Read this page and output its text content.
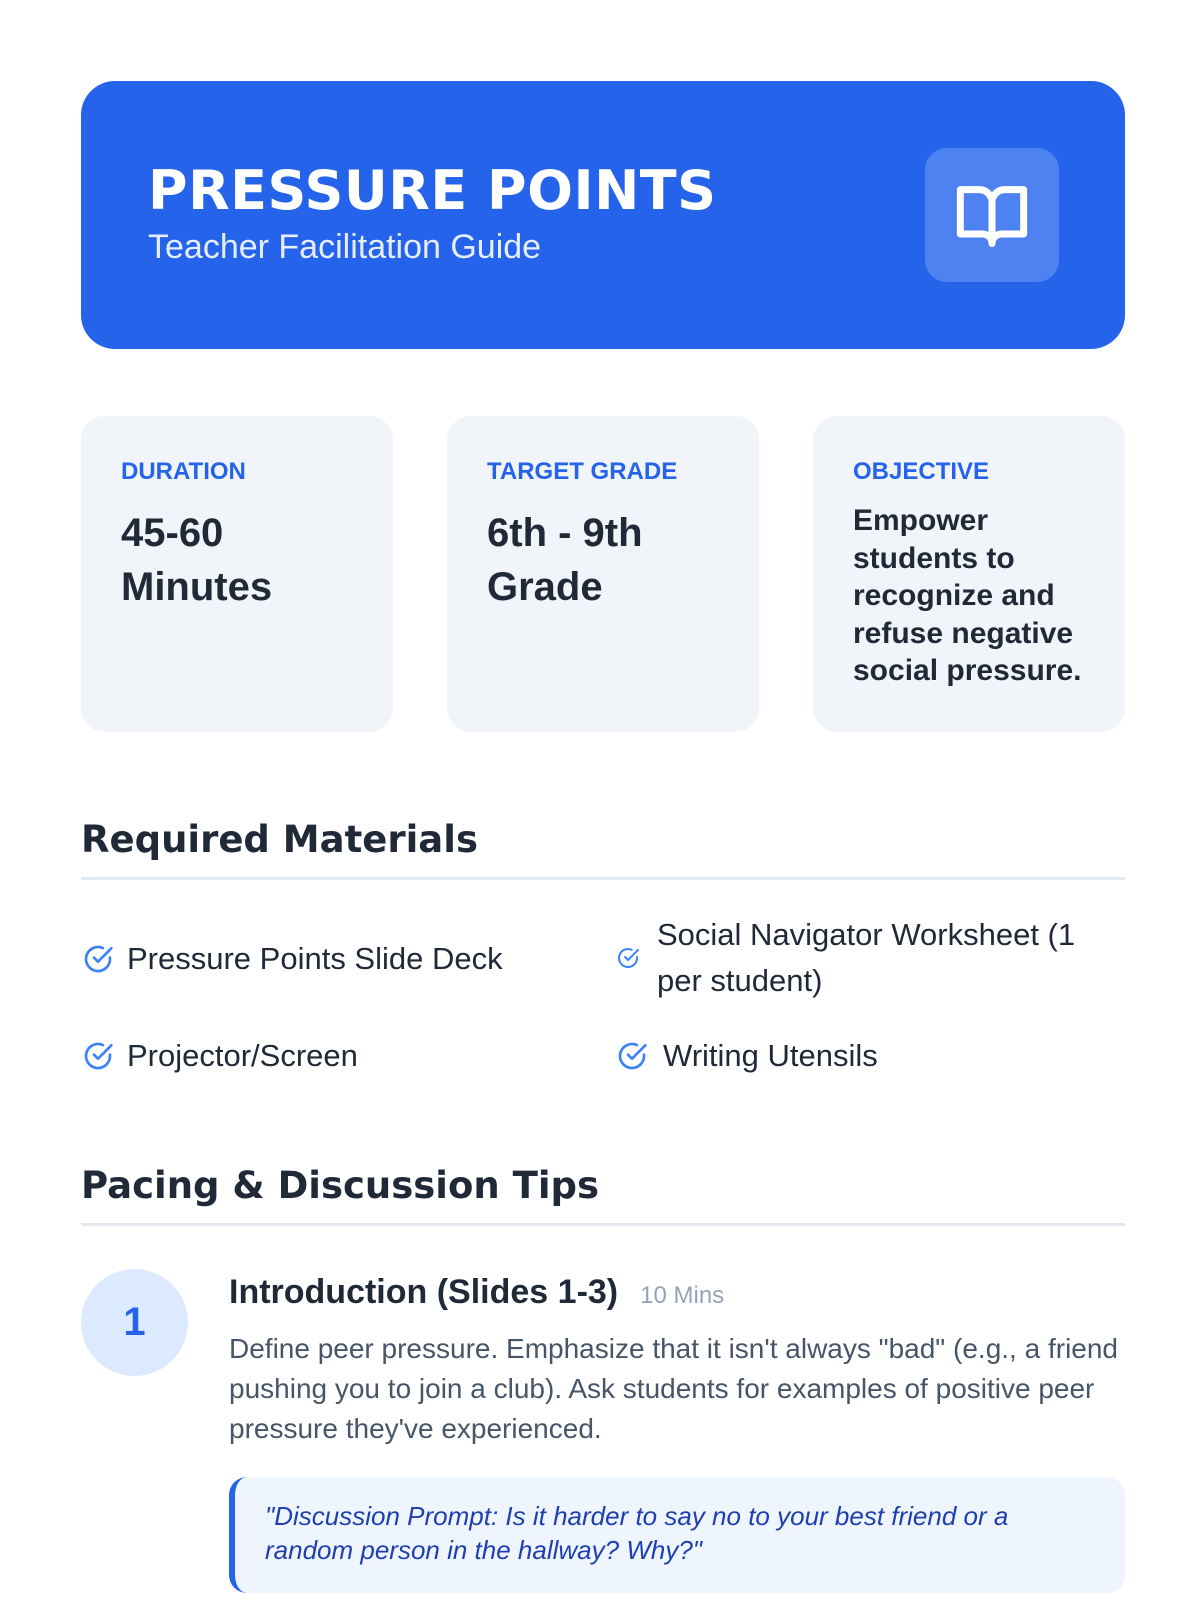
PRESSURE POINTS
Teacher Facilitation Guide
DURATION
45-60 Minutes
TARGET GRADE
6th - 9th Grade
OBJECTIVE
Empower students to recognize and refuse negative social pressure.
Required Materials
Pressure Points Slide Deck
Social Navigator Worksheet (1 per student)
Projector/Screen	Writing Utensils
Pacing & Discussion Tips
1
Introduction (Slides 1-3) 10 Mins
Define peer pressure. Emphasize that it isn't always "bad" (e.g., a friend pushing you to join a club). Ask students for examples of positive peer pressure they've experienced.
"Discussion Prompt: Is it harder to say no to your best friend or a random person in the hallway? Why?"
